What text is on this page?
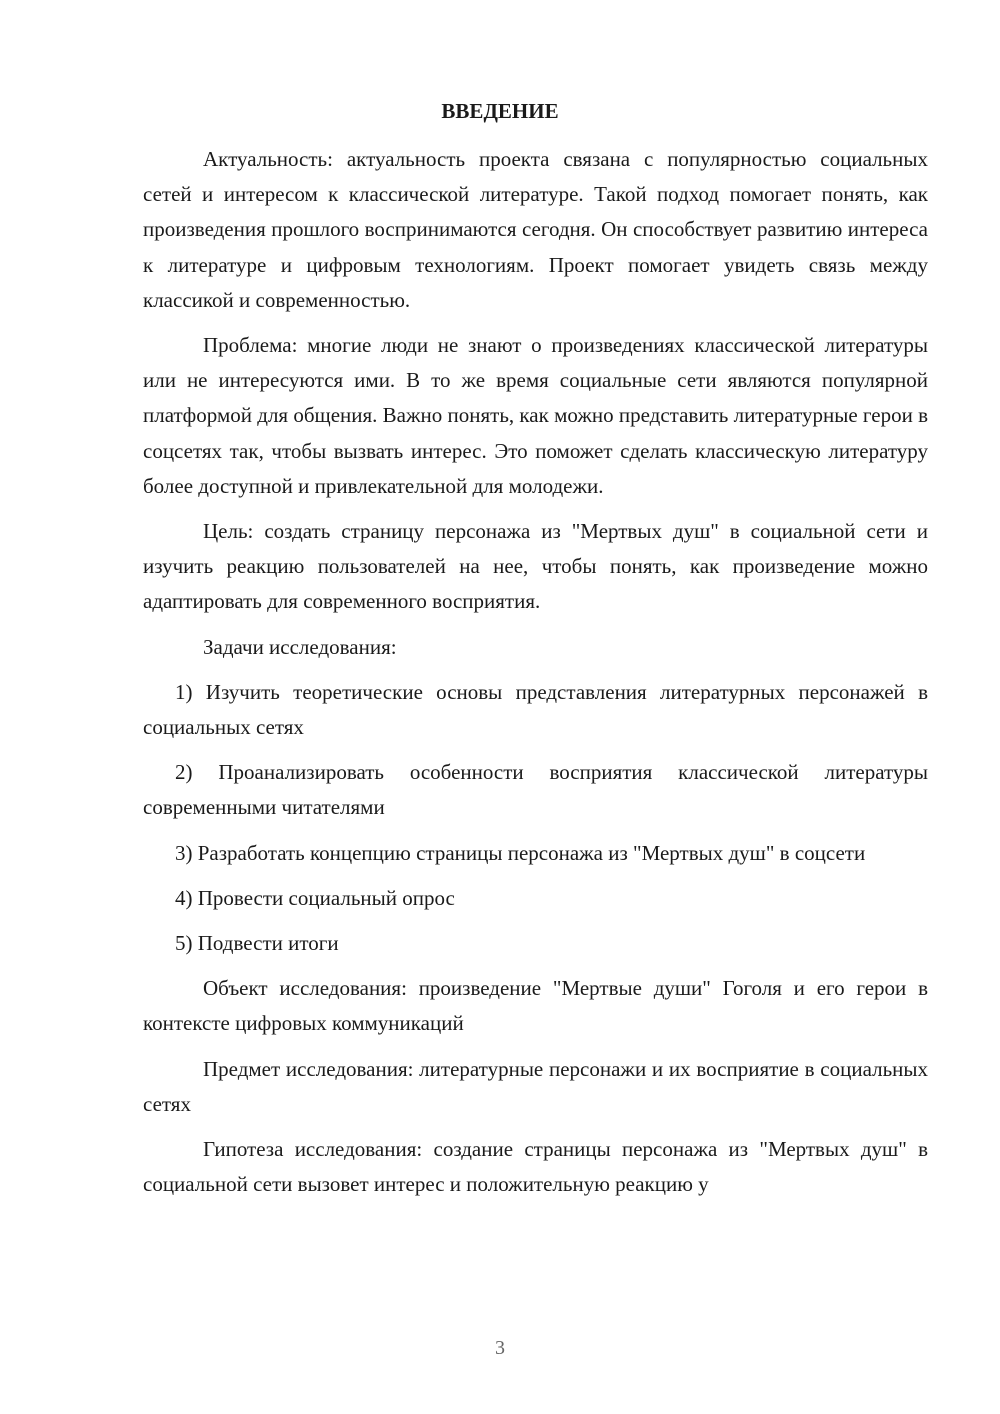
ВВЕДЕНИЕ

Актуальность: актуальность проекта связана с популярностью социальных сетей и интересом к классической литературе. Такой подход помогает понять, как произведения прошлого воспринимаются сегодня. Он способствует развитию интереса к литературе и цифровым технологиям. Проект помогает увидеть связь между классикой и современностью.

Проблема: многие люди не знают о произведениях классической литературы или не интересуются ими. В то же время социальные сети являются популярной платформой для общения. Важно понять, как можно представить литературные герои в соцсетях так, чтобы вызвать интерес. Это поможет сделать классическую литературу более доступной и привлекательной для молодежи.

Цель: создать страницу персонажа из "Мертвых душ" в социальной сети и изучить реакцию пользователей на нее, чтобы понять, как произведение можно адаптировать для современного восприятия.

Задачи исследования:

1) Изучить теоретические основы представления литературных персонажей в социальных сетях

2) Проанализировать особенности восприятия классической литературы современными читателями

3) Разработать концепцию страницы персонажа из "Мертвых душ" в соцсети

4) Провести социальный опрос

5) Подвести итоги

Объект исследования: произведение "Мертвые души" Гоголя и его герои в контексте цифровых коммуникаций

Предмет исследования: литературные персонажи и их восприятие в социальных сетях

Гипотеза исследования: создание страницы персонажа из "Мертвых душ" в социальной сети вызовет интерес и положительную реакцию у

3
